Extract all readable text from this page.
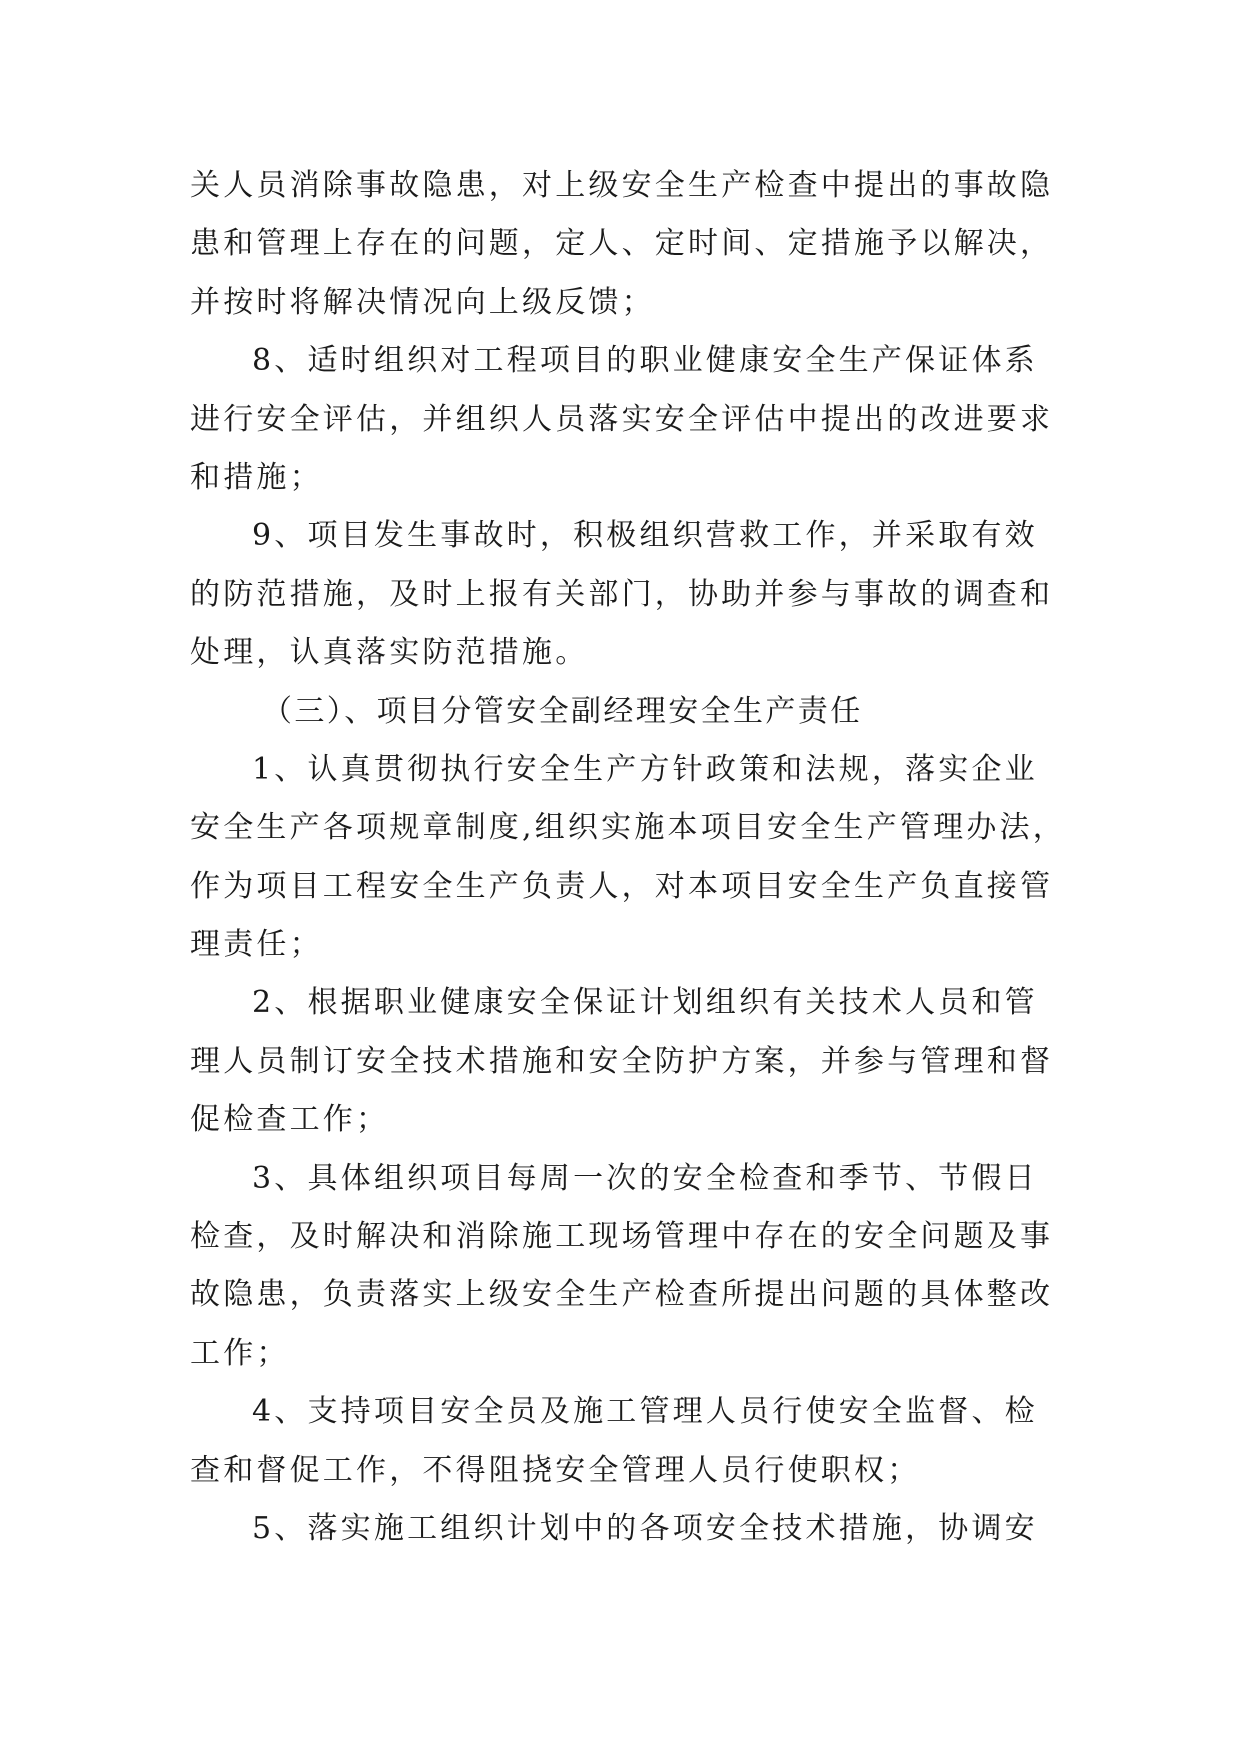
关人员消除事故隐患，对上级安全生产检查中提出的事故隐
患和管理上存在的问题，定人、定时间、定措施予以解决，
并按时将解决情况向上级反馈；
8、适时组织对工程项目的职业健康安全生产保证体系
进行安全评估，并组织人员落实安全评估中提出的改进要求
和措施；
9、项目发生事故时，积极组织营救工作，并采取有效
的防范措施，及时上报有关部门，协助并参与事故的调查和
处理，认真落实防范措施。
（三）、项目分管安全副经理安全生产责任
1、认真贯彻执行安全生产方针政策和法规，落实企业
安全生产各项规章制度,组织实施本项目安全生产管理办法，
作为项目工程安全生产负责人，对本项目安全生产负直接管
理责任；
2、根据职业健康安全保证计划组织有关技术人员和管
理人员制订安全技术措施和安全防护方案，并参与管理和督
促检查工作；
3、具体组织项目每周一次的安全检查和季节、节假日
检查，及时解决和消除施工现场管理中存在的安全问题及事
故隐患，负责落实上级安全生产检查所提出问题的具体整改
工作；
4、支持项目安全员及施工管理人员行使安全监督、检
查和督促工作，不得阻挠安全管理人员行使职权；
5、落实施工组织计划中的各项安全技术措施，协调安
